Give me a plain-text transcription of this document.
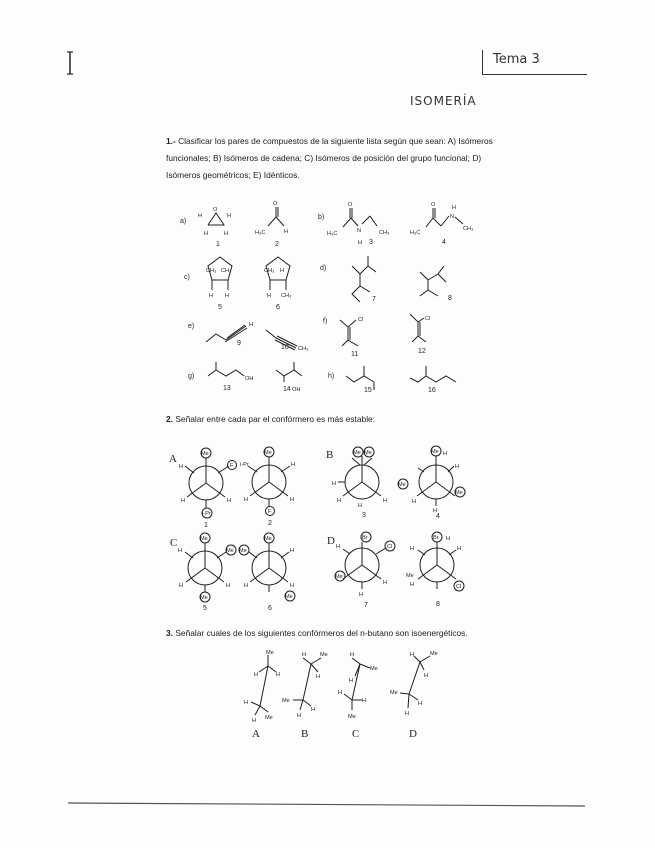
Tema 3
ISOMERÍA
1.- Clasificar los pares de compuestos de la siguiente lista según que sean: A) Isómeros funcionales; B) Isómeros de cadena; C) Isómeros de posición del grupo funcional; D) Isómeros geométricos; E) Idénticos.
2. Señalar entre cada par el confórmero es más estable:
3. Señalar cuales de los siguientes confórmeros del n-butano son isoenergéticos.
a)
O
H	H
H	H
1
O
H₃C	H
2
b)
O
H₃C	N	CH₃
H 3
O
H₃C
N
H
CH₃
4
c)
CH₃ CH₃
H H
5
CH₃ H
H CH₃
6
d)
7	8
e)	H
9
CH₃
10
f)	Cl
11
Cl
12
g)	OH
13	14 OH
h)
15	16
A	B
C	D
Me
F
H
H	H
i-Pr
1
Me
i-Pr	H
H	H
F
2
Me Me
H
H	H
H
3
Me H
Me
H
Me
H
H
4
Me
H	Me
H	H
Me
5
Me
Me	H
H	H
Me
6
Br
Cl
H
Me
H
H
7
Br H
H	H
Me
H	Cl
8
Me
H	H
H
Me
H
A
H Me
H
Me
H
H
B
H
Me
H
H
H
Me
C
Me
H
H
Me
H
H
D
